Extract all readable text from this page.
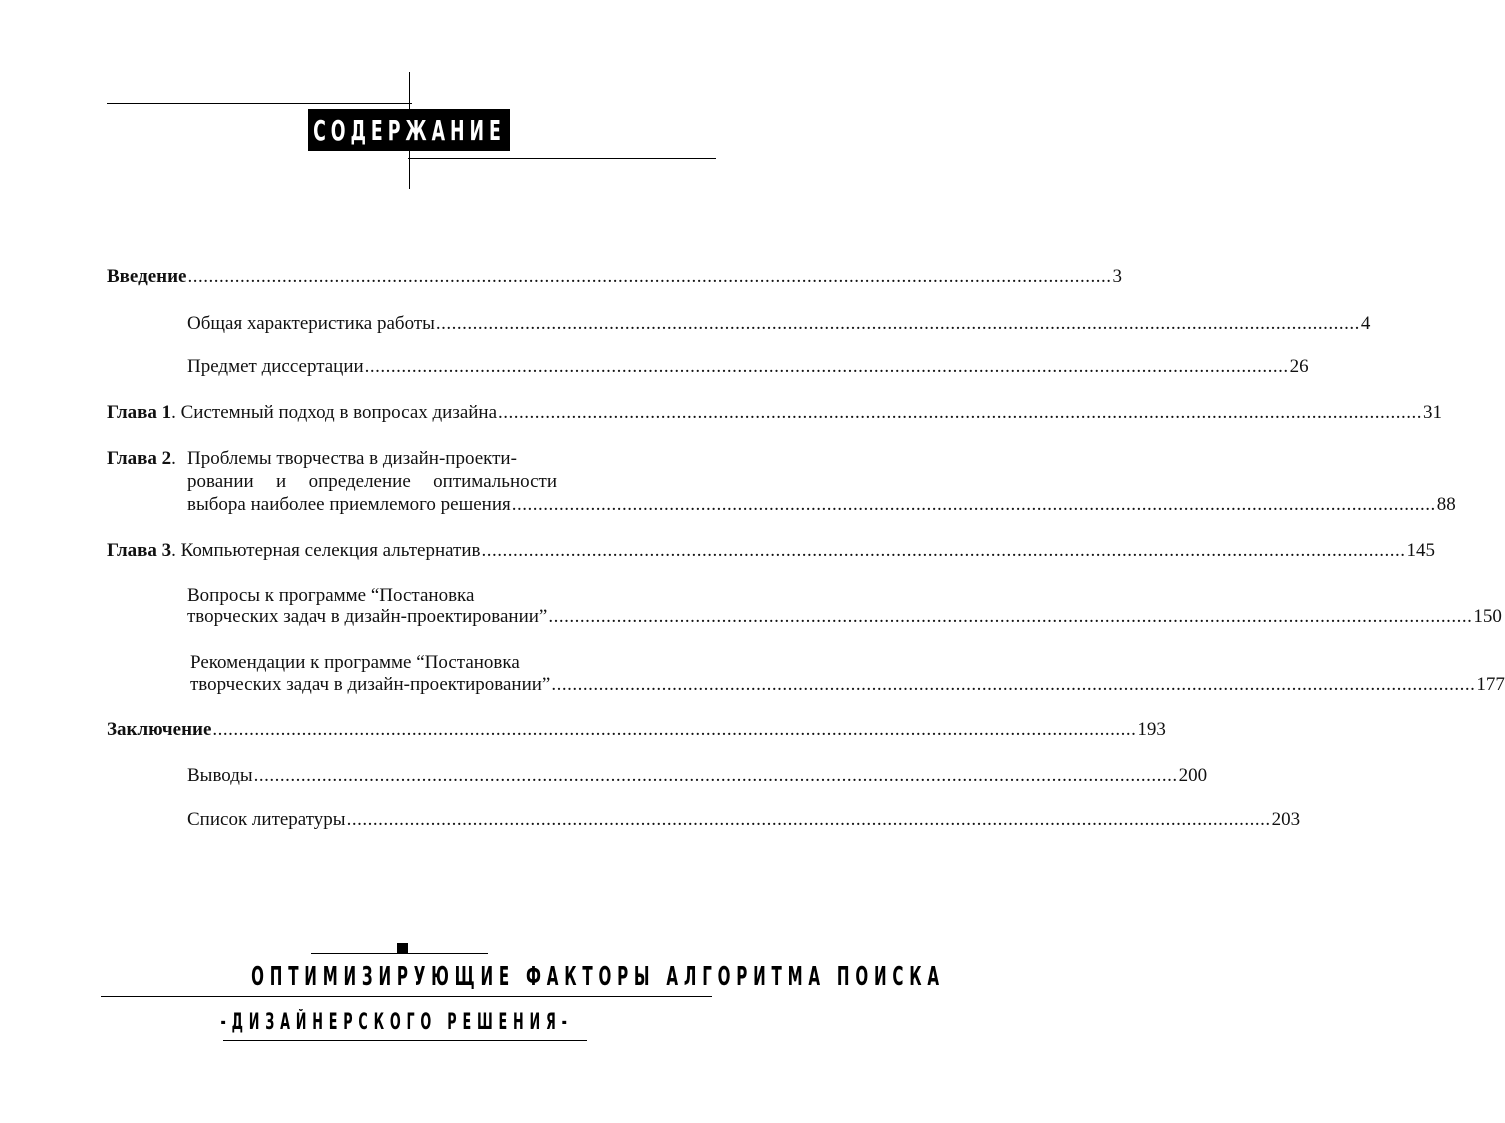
СОДЕРЖАНИЕ
Введение .....	3
Общая характеристика работы .....	4
Предмет диссертации .....	26
Глава 1 . Системный подход в вопросах дизайна .....	31
Глава 2. Проблемы творчества в дизайн-проекти-
ровании и определение оптимальности
выбора наиболее приемлемого решения .....	88
Глава 3 . Компьютерная селекция альтернатив .....	145
Вопросы к программе “Постановка
творческих задач в дизайн-проектировании” .....	150
Рекомендации к программе “Постановка
творческих задач в дизайн-проектировании” .....	177
Заключение .....	193
Выводы .....	200
Список литературы .....	203
ОПТИМИЗИРУЮЩИЕ ФАКТОРЫ АЛГОРИТМА ПОИСКА
-ДИЗАЙНЕРСКОГО РЕШЕНИЯ-
